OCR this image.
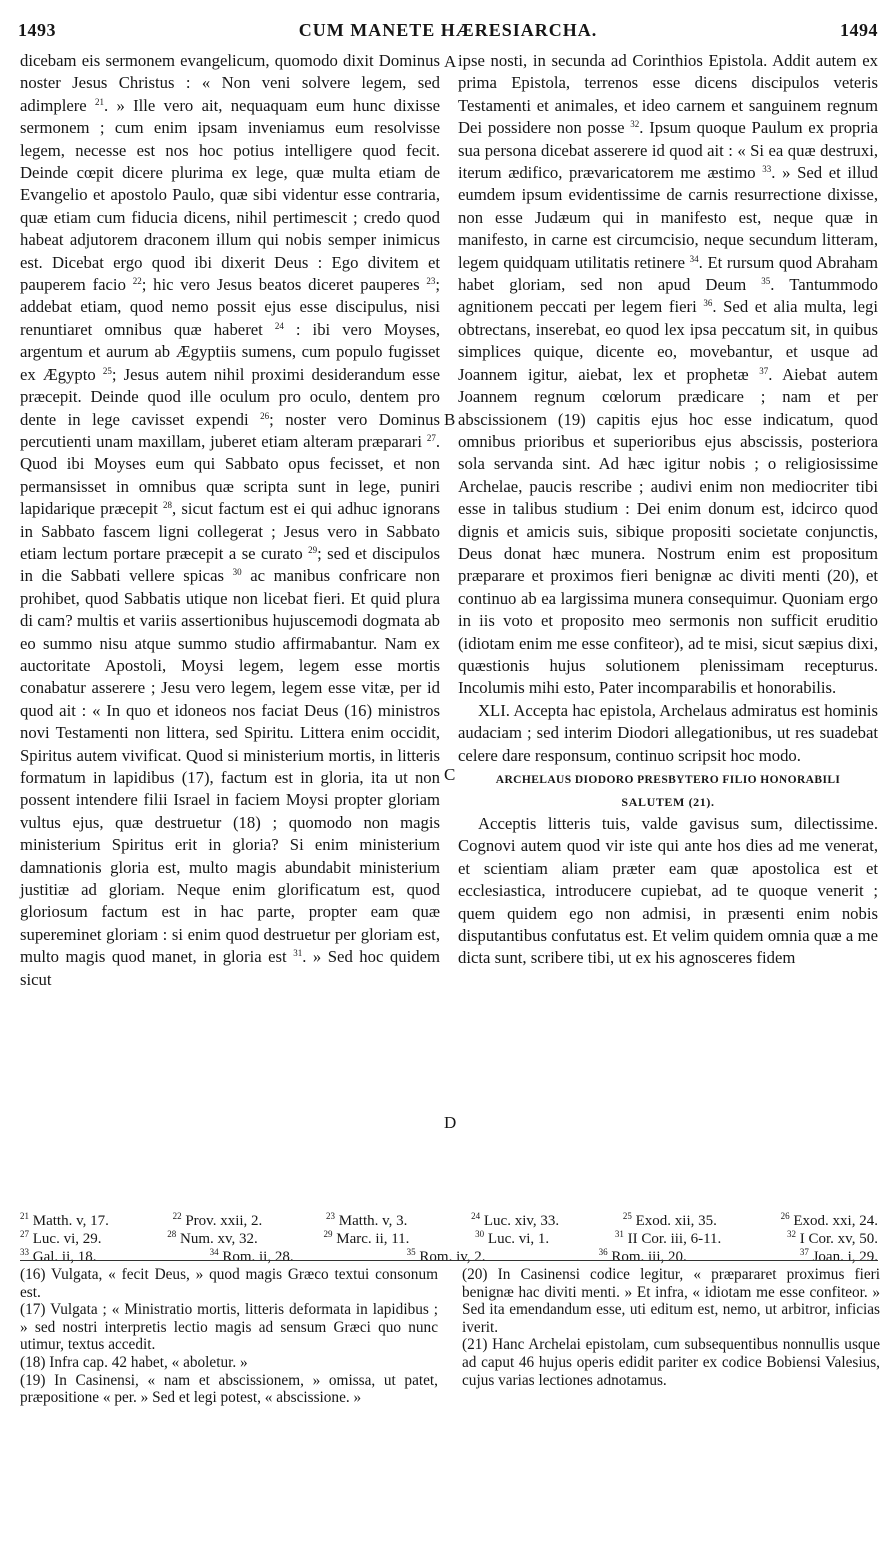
1493	CUM MANETE HÆRESIARCHA.	1494

dicebam eis sermonem evangelicum, quomodo dixit Dominus noster Jesus Christus : « Non veni solvere legem, sed adimplere $^{21}$. » Ille vero ait, nequaquam eum hunc dixisse sermonem ; cum enim ipsam inveniamus eum resolvisse legem, necesse est nos hoc potius intelligere quod fecit. Deinde cœpit dicere plurima ex lege, quæ multa etiam de Evangelio et apostolo Paulo, quæ sibi videntur esse contraria, quæ etiam cum fiducia dicens, nihil pertimescit ; credo quod habeat adjutorem draconem illum qui nobis semper inimicus est. Dicebat ergo quod ibi dixerit Deus : Ego divitem et pauperem facio $^{22}$; hic vero Jesus beatos diceret pauperes $^{23}$; addebat etiam, quod nemo possit ejus esse discipulus, nisi renuntiaret omnibus quæ haberet $^{24}$ : ibi vero Moyses, argentum et aurum ab Ægyptiis sumens, cum populo fugisset ex Ægypto $^{25}$; Jesus autem nihil proximi desiderandum esse præcepit. Deinde quod ille oculum pro oculo, dentem pro dente in lege cavisset expendi $^{26}$; noster vero Dominus percutienti unam maxillam, juberet etiam alteram præparari $^{27}$. Quod ibi Moyses eum qui Sabbato opus fecisset, et non permansisset in omnibus quæ scripta sunt in lege, puniri lapidarique præcepit $^{28}$, sicut factum est ei qui adhuc ignorans in Sabbato fascem ligni collegerat ; Jesus vero in Sabbato etiam lectum portare præcepit a se curato $^{29}$; sed et discipulos in die Sabbati vellere spicas $^{30}$ ac manibus confricare non prohibet, quod Sabbatis utique non licebat fieri. Et quid plura di cam? multis et variis assertionibus hujuscemodi dogmata ab eo summo nisu atque summo studio affirmabantur. Nam ex auctoritate Apostoli, Moysi legem, legem esse mortis conabatur asserere ; Jesu vero legem, legem esse vitæ, per id quod ait : « In quo et idoneos nos faciat Deus (16) ministros novi Testamenti non littera, sed Spiritu. Littera enim occidit, Spiritus autem vivificat. Quod si ministerium mortis, in litteris formatum in lapidibus (17), factum est in gloria, ita ut non possent intendere filii Israel in faciem Moysi propter gloriam vultus ejus, quæ destruetur (18) ; quomodo non magis ministerium Spiritus erit in gloria? Si enim ministerium damnationis gloria est, multo magis abundabit ministerium justitiæ ad gloriam. Neque enim glorificatum est, quod gloriosum factum est in hac parte, propter eam quæ supereminet gloriam : si enim quod destruetur per gloriam est, multo magis quod manet, in gloria est $^{31}$. » Sed hoc quidem sicut

ipse nosti, in secunda ad Corinthios Epistola. Addit autem ex prima Epistola, terrenos esse dicens discipulos veteris Testamenti et animales, et ideo carnem et sanguinem regnum Dei possidere non posse $^{32}$. Ipsum quoque Paulum ex propria sua persona dicebat asserere id quod ait : « Si ea quæ destruxi, iterum ædifico, prævaricatorem me æstimo $^{33}$. » Sed et illud eumdem ipsum evidentissime de carnis resurrectione dixisse, non esse Judæum qui in manifesto est, neque quæ in manifesto, in carne est circumcisio, neque secundum litteram, legem quidquam utilitatis retinere $^{34}$. Et rursum quod Abraham habet gloriam, sed non apud Deum $^{35}$. Tantummodo agnitionem peccati per legem fieri $^{36}$. Sed et alia multa, legi obtrectans, inserebat, eo quod lex ipsa peccatum sit, in quibus simplices quique, dicente eo, movebantur, et usque ad Joannem igitur, aiebat, lex et prophetæ $^{37}$. Aiebat autem Joannem regnum cœlorum prædicare ; nam et per abscissionem (19) capitis ejus hoc esse indicatum, quod omnibus prioribus et superioribus ejus abscissis, posteriora sola servanda sint. Ad hæc igitur nobis ; o religiosissime Archelae, paucis rescribe ; audivi enim non mediocriter tibi esse in talibus studium : Dei enim donum est, idcirco quod dignis et amicis suis, sibique propositi societate conjunctis, Deus donat hæc munera. Nostrum enim est propositum præparare et proximos fieri benignæ ac diviti menti (20), et continuo ab ea largissima munera consequimur. Quoniam ergo in iis voto et proposito meo sermonis non sufficit eruditio (idiotam enim me esse confiteor), ad te misi, sicut sæpius dixi, quæstionis hujus solutionem plenissimam recepturus. Incolumis mihi esto, Pater incomparabilis et honorabilis.

XLI. Accepta hac epistola, Archelaus admiratus est hominis audaciam ; sed interim Diodori allegationibus, ut res suadebat celere dare responsum, continuo scripsit hoc modo.

ARCHELAUS DIODORO PRESBYTERO FILIO HONORABILI
SALUTEM (21).

Acceptis litteris tuis, valde gavisus sum, dilectissime. Cognovi autem quod vir iste qui ante hos dies ad me venerat, et scientiam aliam præter eam quæ apostolica est et ecclesiastica, introducere cupiebat, ad te quoque venerit ; quem quidem ego non admisi, in præsenti enim nobis disputantibus confutatus est. Et velim quidem omnia quæ a me dicta sunt, scribere tibi, ut ex his agnosceres fidem

A
B
C
D
$^{21}$ Matth. v, 17.	$^{22}$ Prov. xxii, 2.	$^{23}$ Matth. v, 3.	$^{24}$ Luc. xiv, 33.	$^{25}$ Exod. xii, 35.	$^{26}$ Exod. xxi, 24.
$^{27}$ Luc. vi, 29.	$^{28}$ Num. xv, 32.	$^{29}$ Marc. ii, 11.	$^{30}$ Luc. vi, 1.	$^{31}$ II Cor. iii, 6-11.	$^{32}$ I Cor. xv, 50.
$^{33}$ Gal. ii, 18.	$^{34}$ Rom. ii, 28.	$^{35}$ Rom. iv, 2.	$^{36}$ Rom. iii, 20.	$^{37}$ Joan. i, 29.

(16) Vulgata, « fecit Deus, » quod magis Græco textui consonum est.

(17) Vulgata ; « Ministratio mortis, litteris deformata in lapidibus ; » sed nostri interpretis lectio magis ad sensum Græci quo nunc utimur, textus accedit.

(18) Infra cap. 42 habet, « aboletur. »

(19) In Casinensi, « nam et abscissionem, » omissa, ut patet, præpositione « per. » Sed et legi potest, « abscissione. »

(20) In Casinensi codice legitur, « præpararet proximus fieri benignæ hac diviti menti. » Et infra, « idiotam me esse confiteor. » Sed ita emendandum esse, uti editum est, nemo, ut arbitror, inficias iverit.

(21) Hanc Archelai epistolam, cum subsequentibus nonnullis usque ad caput 46 hujus operis edidit pariter ex codice Bobiensi Valesius, cujus varias lectiones adnotamus.
